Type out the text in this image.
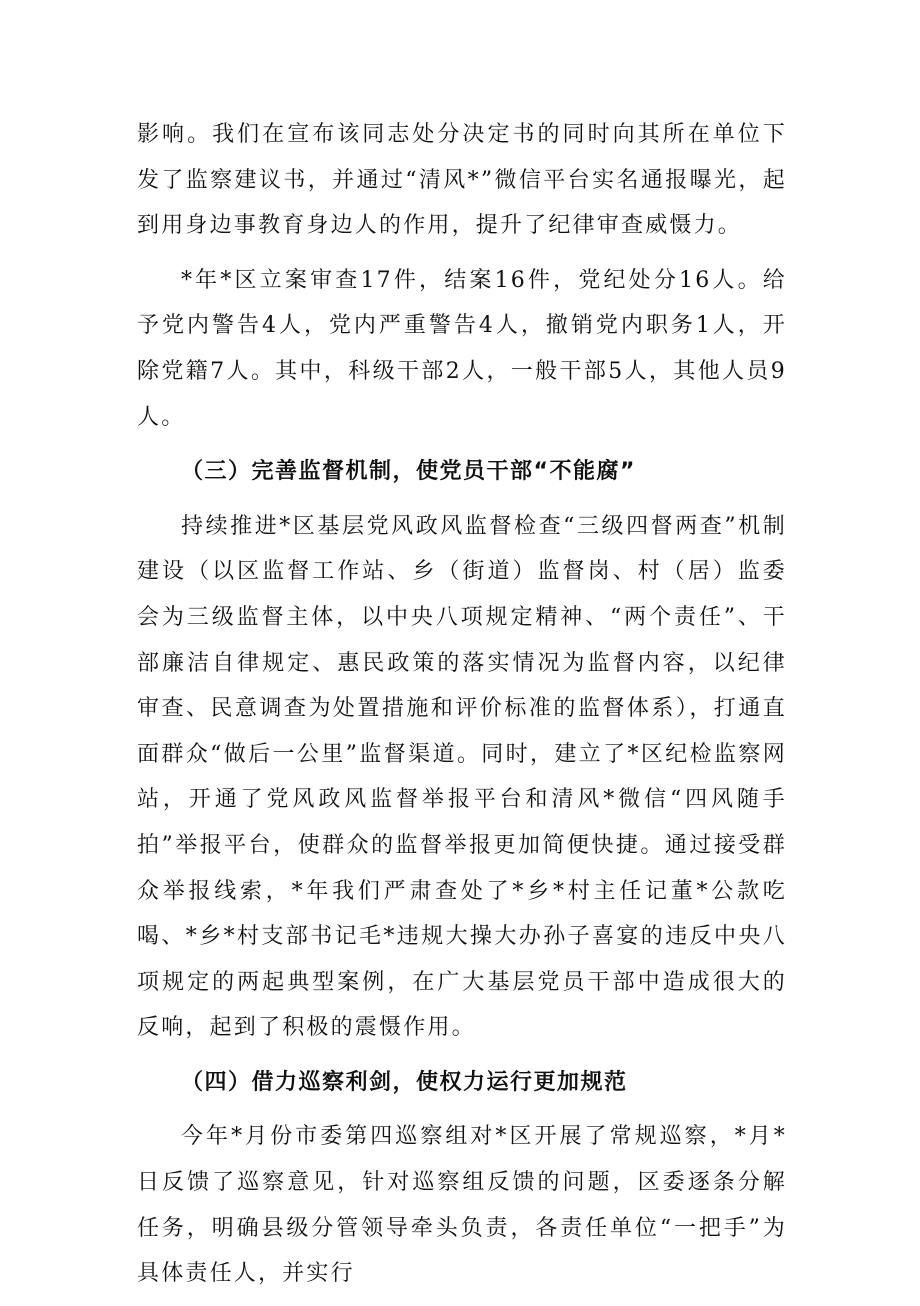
影响。我们在宣布该同志处分决定书的同时向其所在单位下发了监察建议书，并通过“清风*”微信平台实名通报曝光，起到用身边事教育身边人的作用，提升了纪律审查威慑力。

*年*区立案审查17件，结案16件，党纪处分16人。给予党内警告4人，党内严重警告4人，撤销党内职务1人，开除党籍7人。其中，科级干部2人，一般干部5人，其他人员9人。

（三）完善监督机制，使党员干部“不能腐”

持续推进*区基层党风政风监督检查“三级四督两查”机制建设（以区监督工作站、乡（街道）监督岗、村（居）监委会为三级监督主体，以中央八项规定精神、“两个责任”、干部廉洁自律规定、惠民政策的落实情况为监督内容，以纪律审查、民意调查为处置措施和评价标准的监督体系），打通直面群众“做后一公里”监督渠道。同时，建立了*区纪检监察网站，开通了党风政风监督举报平台和清风*微信“四风随手拍”举报平台，使群众的监督举报更加简便快捷。通过接受群众举报线索，*年我们严肃查处了*乡*村主任记董*公款吃喝、*乡*村支部书记毛*违规大操大办孙子喜宴的违反中央八项规定的两起典型案例，在广大基层党员干部中造成很大的反响，起到了积极的震慑作用。

（四）借力巡察利剑，使权力运行更加规范

今年*月份市委第四巡察组对*区开展了常规巡察，*月*日反馈了巡察意见，针对巡察组反馈的问题，区委逐条分解任务，明确县级分管领导牵头负责，各责任单位“一把手”为具体责任人，并实行
